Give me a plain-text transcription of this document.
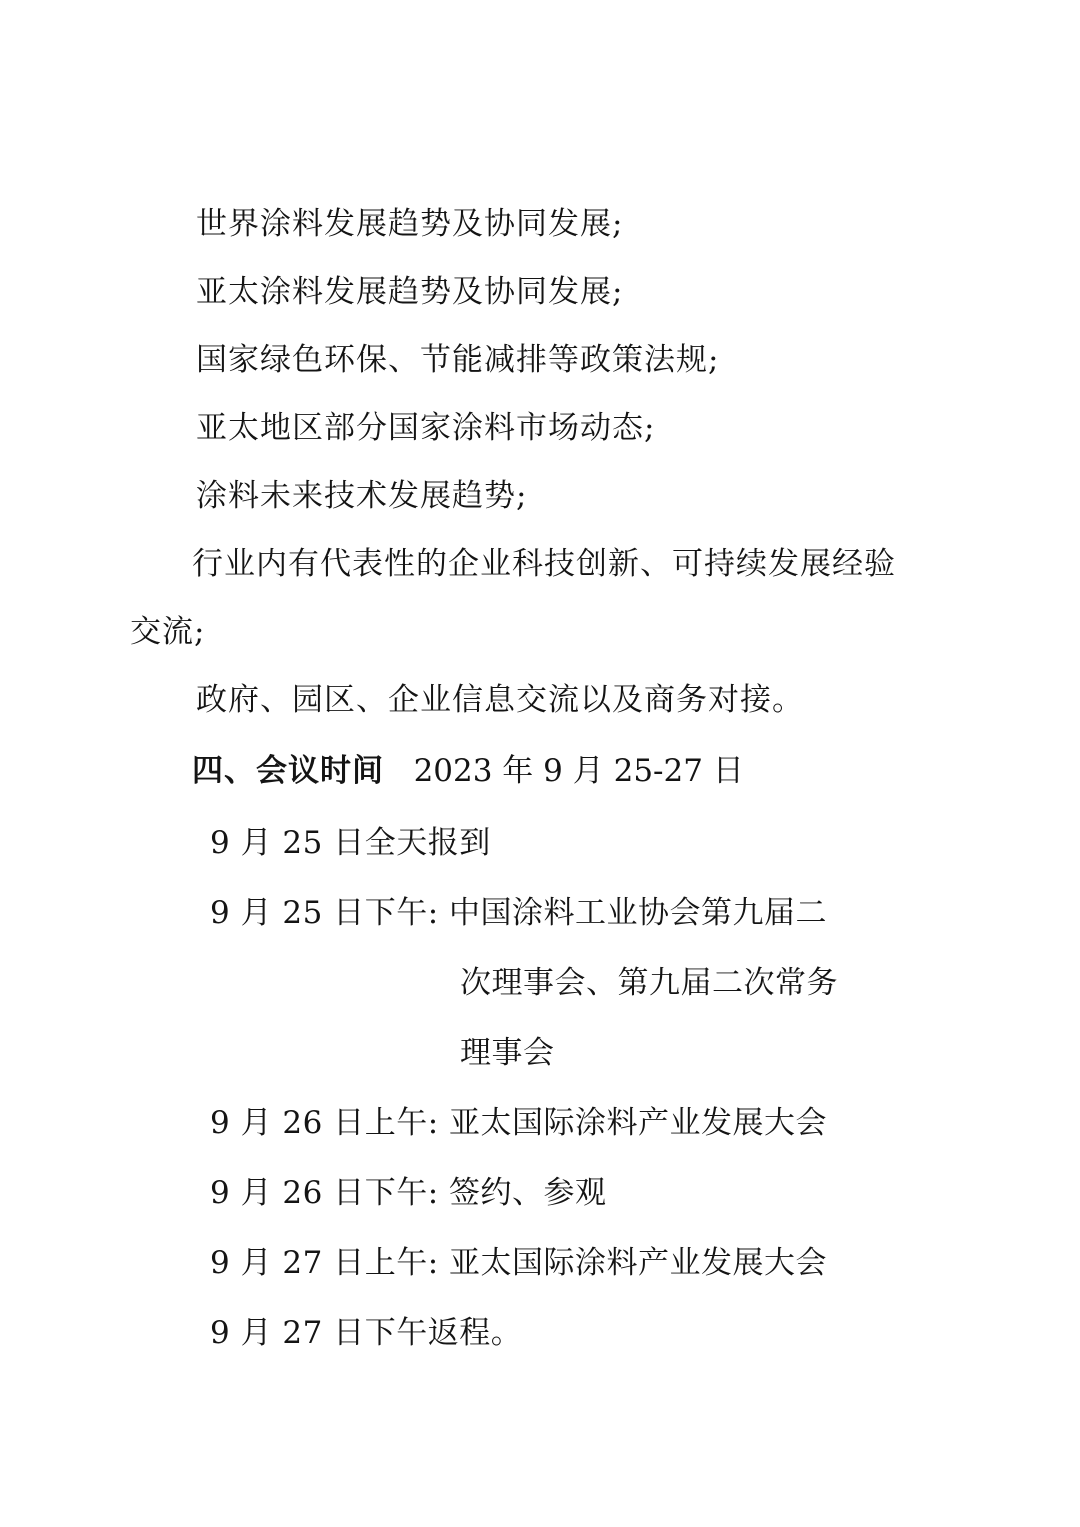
世界涂料发展趋势及协同发展;
亚太涂料发展趋势及协同发展;
国家绿色环保、节能减排等政策法规;
亚太地区部分国家涂料市场动态;
涂料未来技术发展趋势;
行业内有代表性的企业科技创新、可持续发展经验
交流;
政府、园区、企业信息交流以及商务对接。
四、会议时间 2023 年 9 月 25-27 日
9 月 25 日全天报到
9 月 25 日下午: 中国涂料工业协会第九届二
次理事会、第九届二次常务
理事会
9 月 26 日上午: 亚太国际涂料产业发展大会
9 月 26 日下午: 签约、参观
9 月 27 日上午: 亚太国际涂料产业发展大会
9 月 27 日下午返程。
